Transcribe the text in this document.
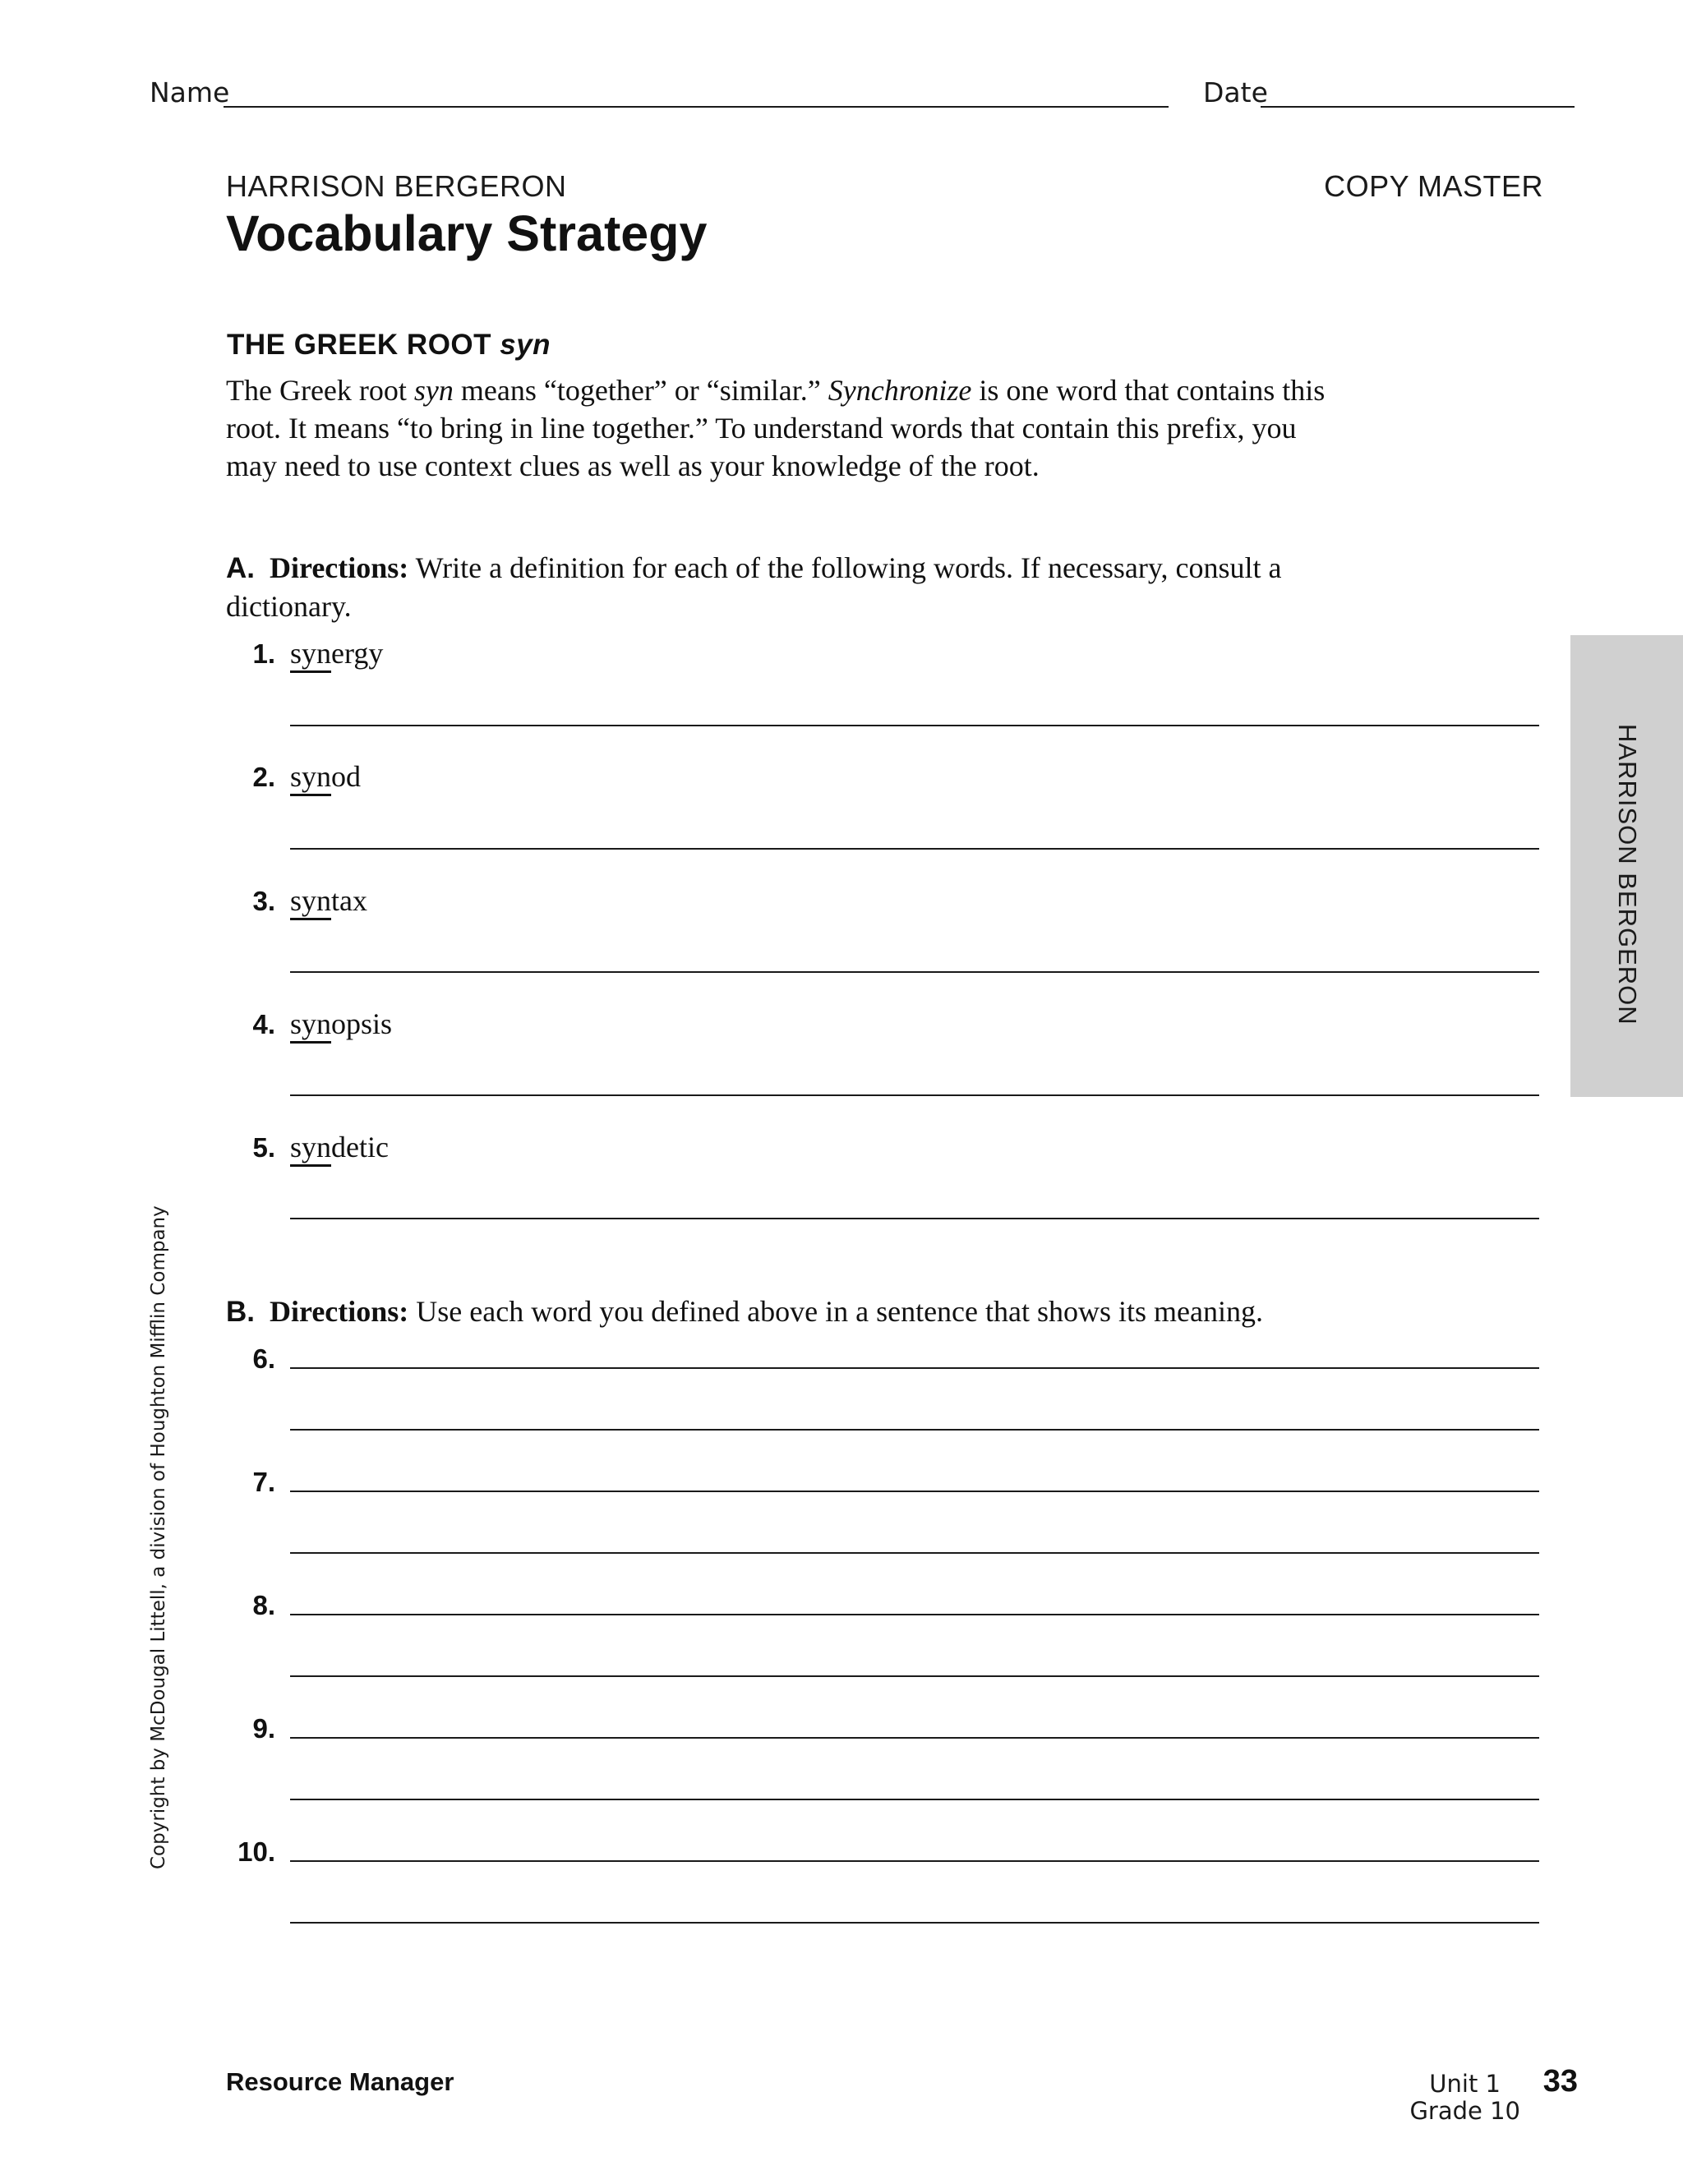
Name	Date
HARRISON BERGERON	COPY MASTER
Vocabulary Strategy
THE GREEK ROOT syn
The Greek root syn means “together” or “similar.” Synchronize is one word that contains this
root. It means “to bring in line together.” To understand words that contain this prefix, you
may need to use context clues as well as your knowledge of the root.
A. Directions: Write a definition for each of the following words. If necessary, consult a
dictionary.
1. synergy
2. synod
3. syntax
4. synopsis
5. syndetic
B. Directions: Use each word you defined above in a sentence that shows its meaning.
6.
7.
8.
9.
10.
HARRISON BERGERON
Copyright by McDougal Littell, a division of Houghton Mifflin Company
Resource Manager	Unit 1
Grade 10
33
